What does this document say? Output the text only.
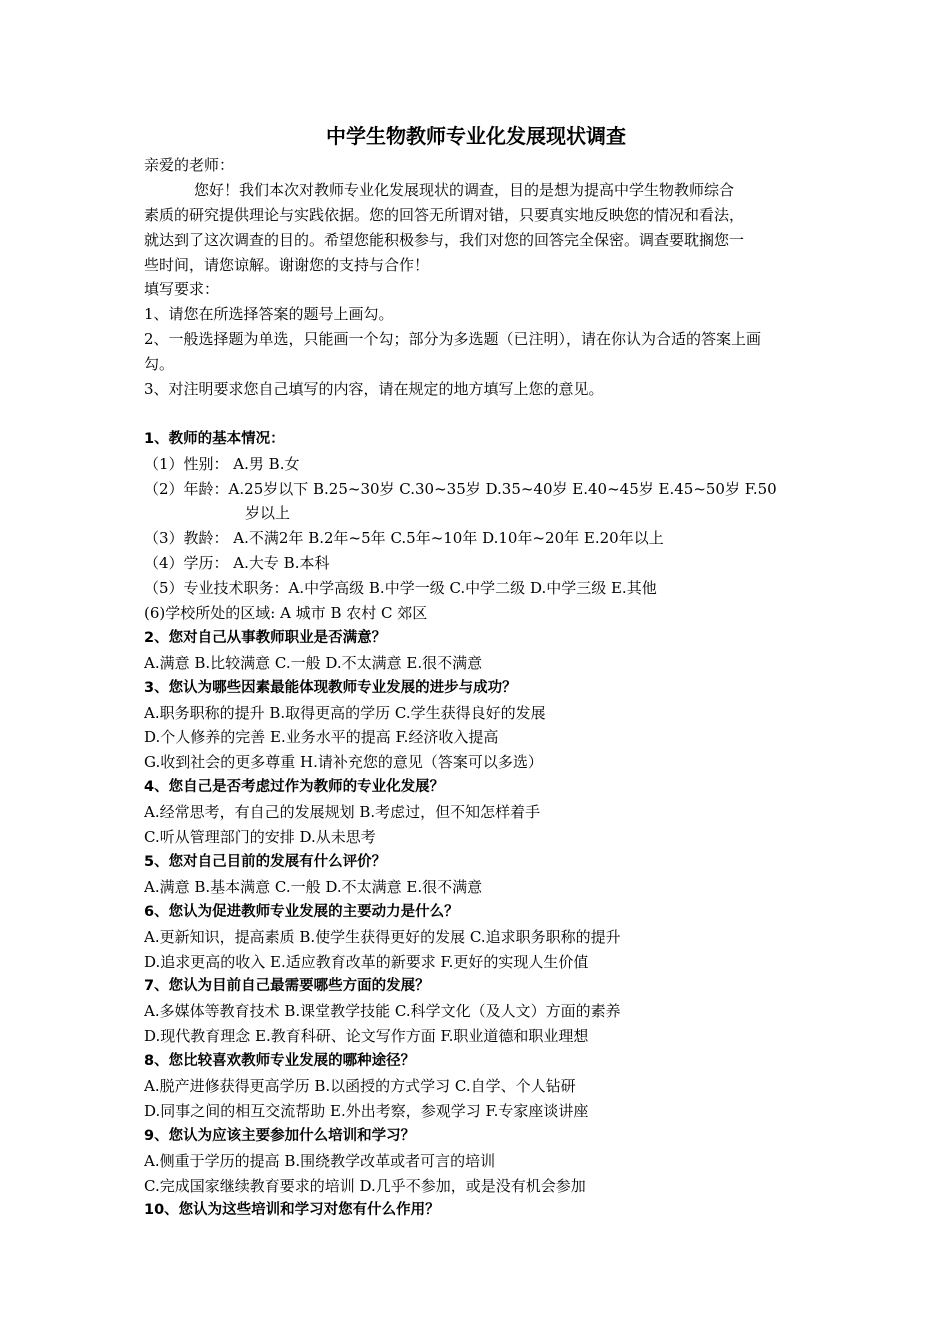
中学生物教师专业化发展现状调查
亲爱的老师：
您好！我们本次对教师专业化发展现状的调查，目的是想为提高中学生物教师综合
素质的研究提供理论与实践依据。您的回答无所谓对错，只要真实地反映您的情况和看法，
就达到了这次调查的目的。希望您能积极参与，我们对您的回答完全保密。调查要耽搁您一
些时间，请您谅解。谢谢您的支持与合作！
填写要求：
1、请您在所选择答案的题号上画勾。
2、一般选择题为单选，只能画一个勾；部分为多选题（已注明），请在你认为合适的答案上画
勾。
3、对注明要求您自己填写的内容，请在规定的地方填写上您的意见。
1、教师的基本情况：
（1）性别： A.男 B.女
（2）年龄：A.25岁以下 B.25~30岁 C.30~35岁 D.35~40岁 E.40~45岁 E.45~50岁 F.50
岁以上
（3）教龄： A.不满2年 B.2年~5年 C.5年~10年 D.10年~20年 E.20年以上
（4）学历： A.大专 B.本科
（5）专业技术职务：A.中学高级 B.中学一级 C.中学二级 D.中学三级 E.其他
(6)学校所处的区域: A 城市 B 农村 C 郊区
2、您对自己从事教师职业是否满意？
A.满意 B.比较满意 C.一般 D.不太满意 E.很不满意
3、您认为哪些因素最能体现教师专业发展的进步与成功？
A.职务职称的提升 B.取得更高的学历 C.学生获得良好的发展
D.个人修养的完善 E.业务水平的提高 F.经济收入提高
G.收到社会的更多尊重 H.请补充您的意见（答案可以多选）
4、您自己是否考虑过作为教师的专业化发展？
A.经常思考，有自己的发展规划 B.考虑过，但不知怎样着手
C.听从管理部门的安排 D.从未思考
5、您对自己目前的发展有什么评价？
A.满意 B.基本满意 C.一般 D.不太满意 E.很不满意
6、您认为促进教师专业发展的主要动力是什么？
A.更新知识，提高素质 B.使学生获得更好的发展 C.追求职务职称的提升
D.追求更高的收入 E.适应教育改革的新要求 F.更好的实现人生价值
7、您认为目前自己最需要哪些方面的发展？
A.多媒体等教育技术 B.课堂教学技能 C.科学文化（及人文）方面的素养
D.现代教育理念 E.教育科研、论文写作方面 F.职业道德和职业理想
8、您比较喜欢教师专业发展的哪种途径？
A.脱产进修获得更高学历 B.以函授的方式学习 C.自学、个人钻研
D.同事之间的相互交流帮助 E.外出考察，参观学习 F.专家座谈讲座
9、您认为应该主要参加什么培训和学习？
A.侧重于学历的提高 B.围绕教学改革或者可言的培训
C.完成国家继续教育要求的培训 D.几乎不参加，或是没有机会参加
10、您认为这些培训和学习对您有什么作用？
